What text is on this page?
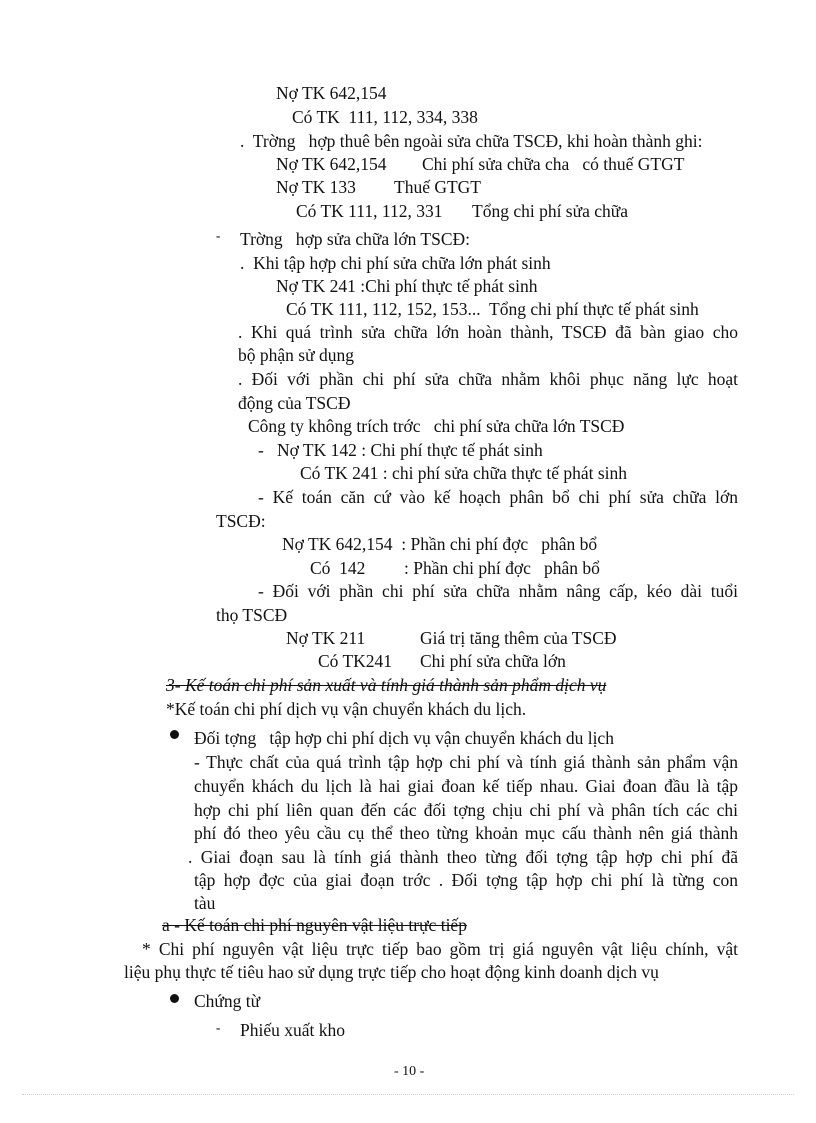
Nợ TK 642,154
Có TK  111, 112, 334, 338
.  Trờng   hợp thuê bên ngoài sửa chữa TSCĐ, khi hoàn thành ghi:
Nợ TK 642,154 Chi phí sửa chữa cha   có thuế GTGT
Nợ TK 133 Thuế GTGT
Có TK 111, 112, 331 Tổng chi phí sửa chữa
- Trờng   hợp sửa chữa lớn TSCĐ:
.  Khi tập hợp chi phí sửa chữa lớn phát sinh
Nợ TK 241 :Chi phí thực tế phát sinh
Có TK 111, 112, 152, 153...  Tổng chi phí thực tế phát sinh
. Khi quá trình sửa chữa lớn hoàn thành, TSCĐ đã bàn giao cho
bộ phận sử dụng
. Đối với phần chi phí sửa chữa nhằm khôi phục năng lực hoạt
động của TSCĐ
Công ty không trích trớc   chi phí sửa chữa lớn TSCĐ
-   Nợ TK 142 : Chi phí thực tế phát sinh
Có TK 241 : chi phí sửa chữa thực tế phát sinh
- Kế toán căn cứ vào kế hoạch phân bổ chi phí sửa chữa lớn
TSCĐ:
Nợ TK 642,154  : Phần chi phí đợc   phân bổ
Có  142 : Phần chi phí đợc   phân bổ
- Đối với phần chi phí sửa chữa nhằm nâng cấp, kéo dài tuổi
thọ TSCĐ
Nợ TK 211	Giá trị tăng thêm của TSCĐ
Có TK241 Chi phí sửa chữa lớn
3- Kế toán chi phí sản xuất và tính giá thành sản phẩm dịch vụ
*Kế toán chi phí dịch vụ vận chuyển khách du lịch.
Đối tợng   tập hợp chi phí dịch vụ vận chuyển khách du lịch
- Thực chất của quá trình tập hợp chi phí và tính giá thành sản phẩm vận
chuyển khách du lịch là hai giai đoan kế tiếp nhau. Giai đoan đầu là tập
hợp chi phí liên quan đến các đối tợng chịu chi phí và phân tích các chi
phí đó theo yêu cầu cụ thể theo từng khoản mục cấu thành nên giá thành
. Giai đoạn sau là tính giá thành theo từng đối tợng tập hợp chi phí đã
tập hợp đợc của giai đoạn trớc . Đối tợng tập hợp chi phí là từng con
tàu
a - Kế toán chi phí nguyên vật liệu trực tiếp
* Chi phí nguyên vật liệu trực tiếp bao gồm trị giá nguyên vật liệu chính, vật
liệu phụ thực tế tiêu hao sử dụng trực tiếp cho hoạt động kinh doanh dịch vụ
Chứng từ
- Phiếu xuất kho
- 10 -
